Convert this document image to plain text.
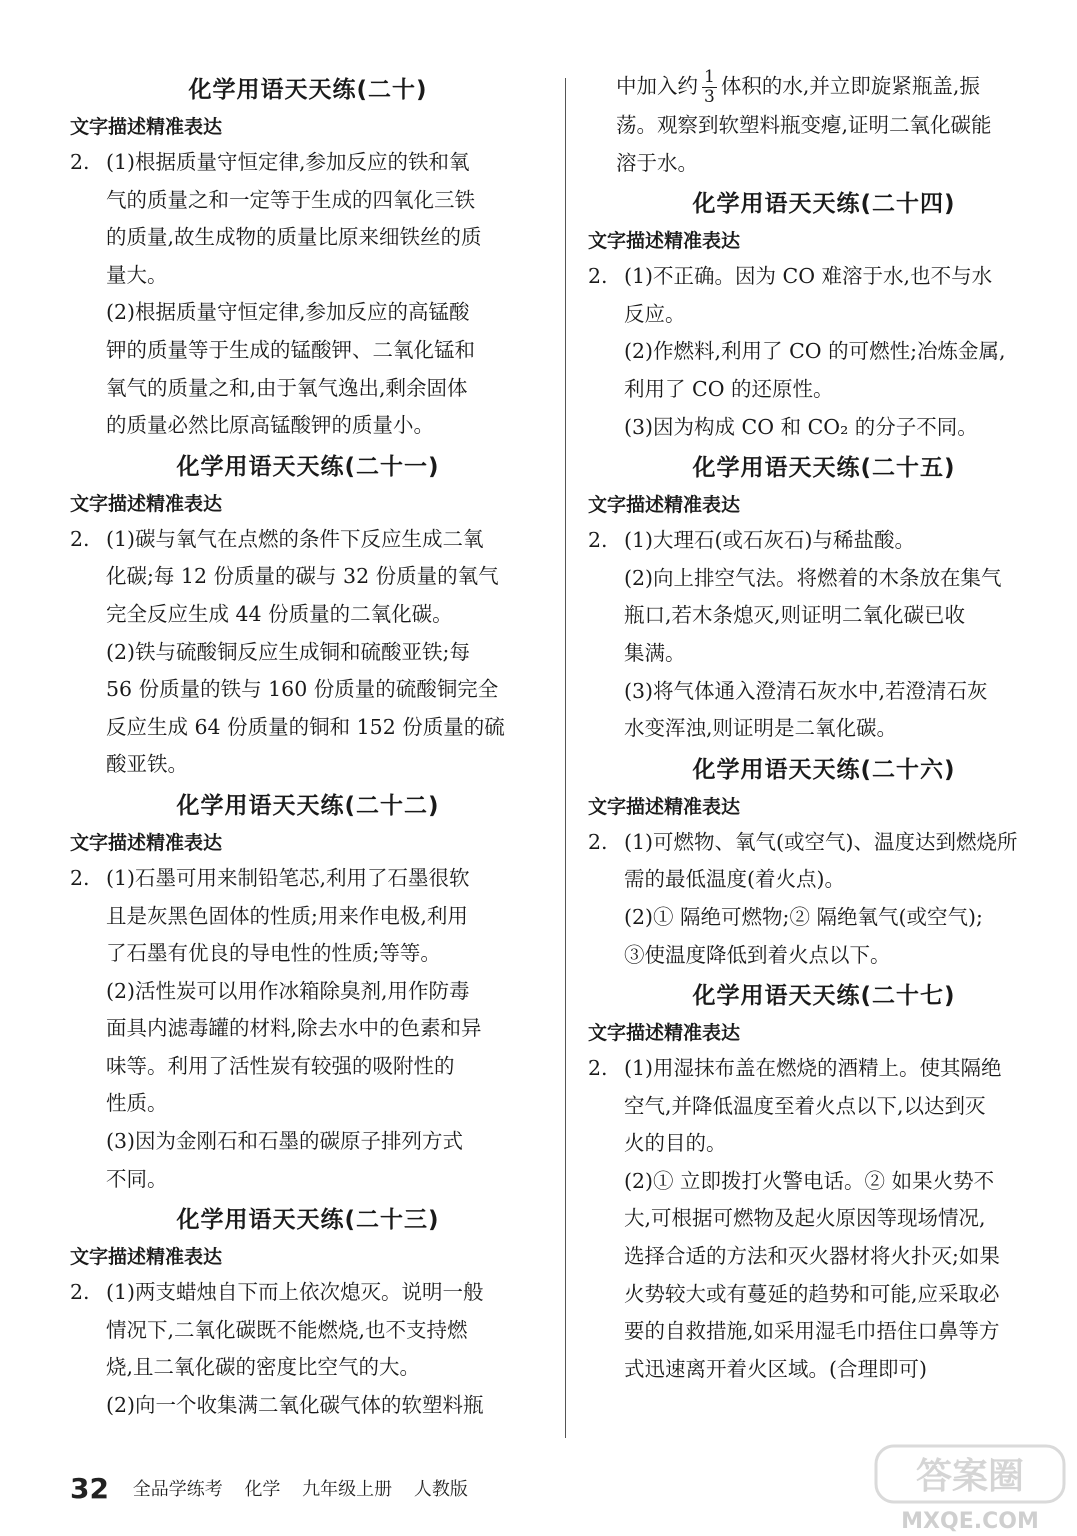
化学用语天天练(二十)
文字描述精准表达

2. (1)根据质量守恒定律,参加反应的铁和氧

气的质量之和一定等于生成的四氧化三铁

的质量,故生成物的质量比原来细铁丝的质

量大。

(2)根据质量守恒定律,参加反应的高锰酸

钾的质量等于生成的锰酸钾、二氧化锰和

氧气的质量之和,由于氧气逸出,剩余固体

的质量必然比原高锰酸钾的质量小。

化学用语天天练(二十一)
文字描述精准表达

2. (1)碳与氧气在点燃的条件下反应生成二氧

化碳;每 12 份质量的碳与 32 份质量的氧气

完全反应生成 44 份质量的二氧化碳。

(2)铁与硫酸铜反应生成铜和硫酸亚铁;每

56 份质量的铁与 160 份质量的硫酸铜完全

反应生成 64 份质量的铜和 152 份质量的硫

酸亚铁。

化学用语天天练(二十二)
文字描述精准表达

2. (1)石墨可用来制铅笔芯,利用了石墨很软

且是灰黑色固体的性质;用来作电极,利用

了石墨有优良的导电性的性质;等等。

(2)活性炭可以用作冰箱除臭剂,用作防毒

面具内滤毒罐的材料,除去水中的色素和异

味等。利用了活性炭有较强的吸附性的

性质。

(3)因为金刚石和石墨的碳原子排列方式

不同。

化学用语天天练(二十三)
文字描述精准表达

2. (1)两支蜡烛自下而上依次熄灭。说明一般

情况下,二氧化碳既不能燃烧,也不支持燃

烧,且二氧化碳的密度比空气的大。

(2)向一个收集满二氧化碳气体的软塑料瓶

中加入约 $\frac{1}{3}$ 体积的水,并立即旋紧瓶盖,振

荡。观察到软塑料瓶变瘪,证明二氧化碳能

溶于水。

化学用语天天练(二十四)
文字描述精准表达

2. (1)不正确。因为 CO 难溶于水,也不与水

反应。

(2)作燃料,利用了 CO 的可燃性;冶炼金属,

利用了 CO 的还原性。

(3)因为构成 CO 和 CO₂ 的分子不同。

化学用语天天练(二十五)
文字描述精准表达

2. (1)大理石(或石灰石)与稀盐酸。

(2)向上排空气法。将燃着的木条放在集气

瓶口,若木条熄灭,则证明二氧化碳已收

集满。

(3)将气体通入澄清石灰水中,若澄清石灰

水变浑浊,则证明是二氧化碳。

化学用语天天练(二十六)
文字描述精准表达

2. (1)可燃物、氧气(或空气)、温度达到燃烧所

需的最低温度(着火点)。

(2)① 隔绝可燃物;② 隔绝氧气(或空气);

③使温度降低到着火点以下。

化学用语天天练(二十七)
文字描述精准表达

2. (1)用湿抹布盖在燃烧的酒精上。使其隔绝

空气,并降低温度至着火点以下,以达到灭

火的目的。

(2)① 立即拨打火警电话。② 如果火势不

大,可根据可燃物及起火原因等现场情况,

选择合适的方法和灭火器材将火扑灭;如果

火势较大或有蔓延的趋势和可能,应采取必

要的自救措施,如采用湿毛巾捂住口鼻等方

式迅速离开着火区域。(合理即可)

32 全品学练考 化学 九年级上册 人教版	答案圈
MXQE.COM
